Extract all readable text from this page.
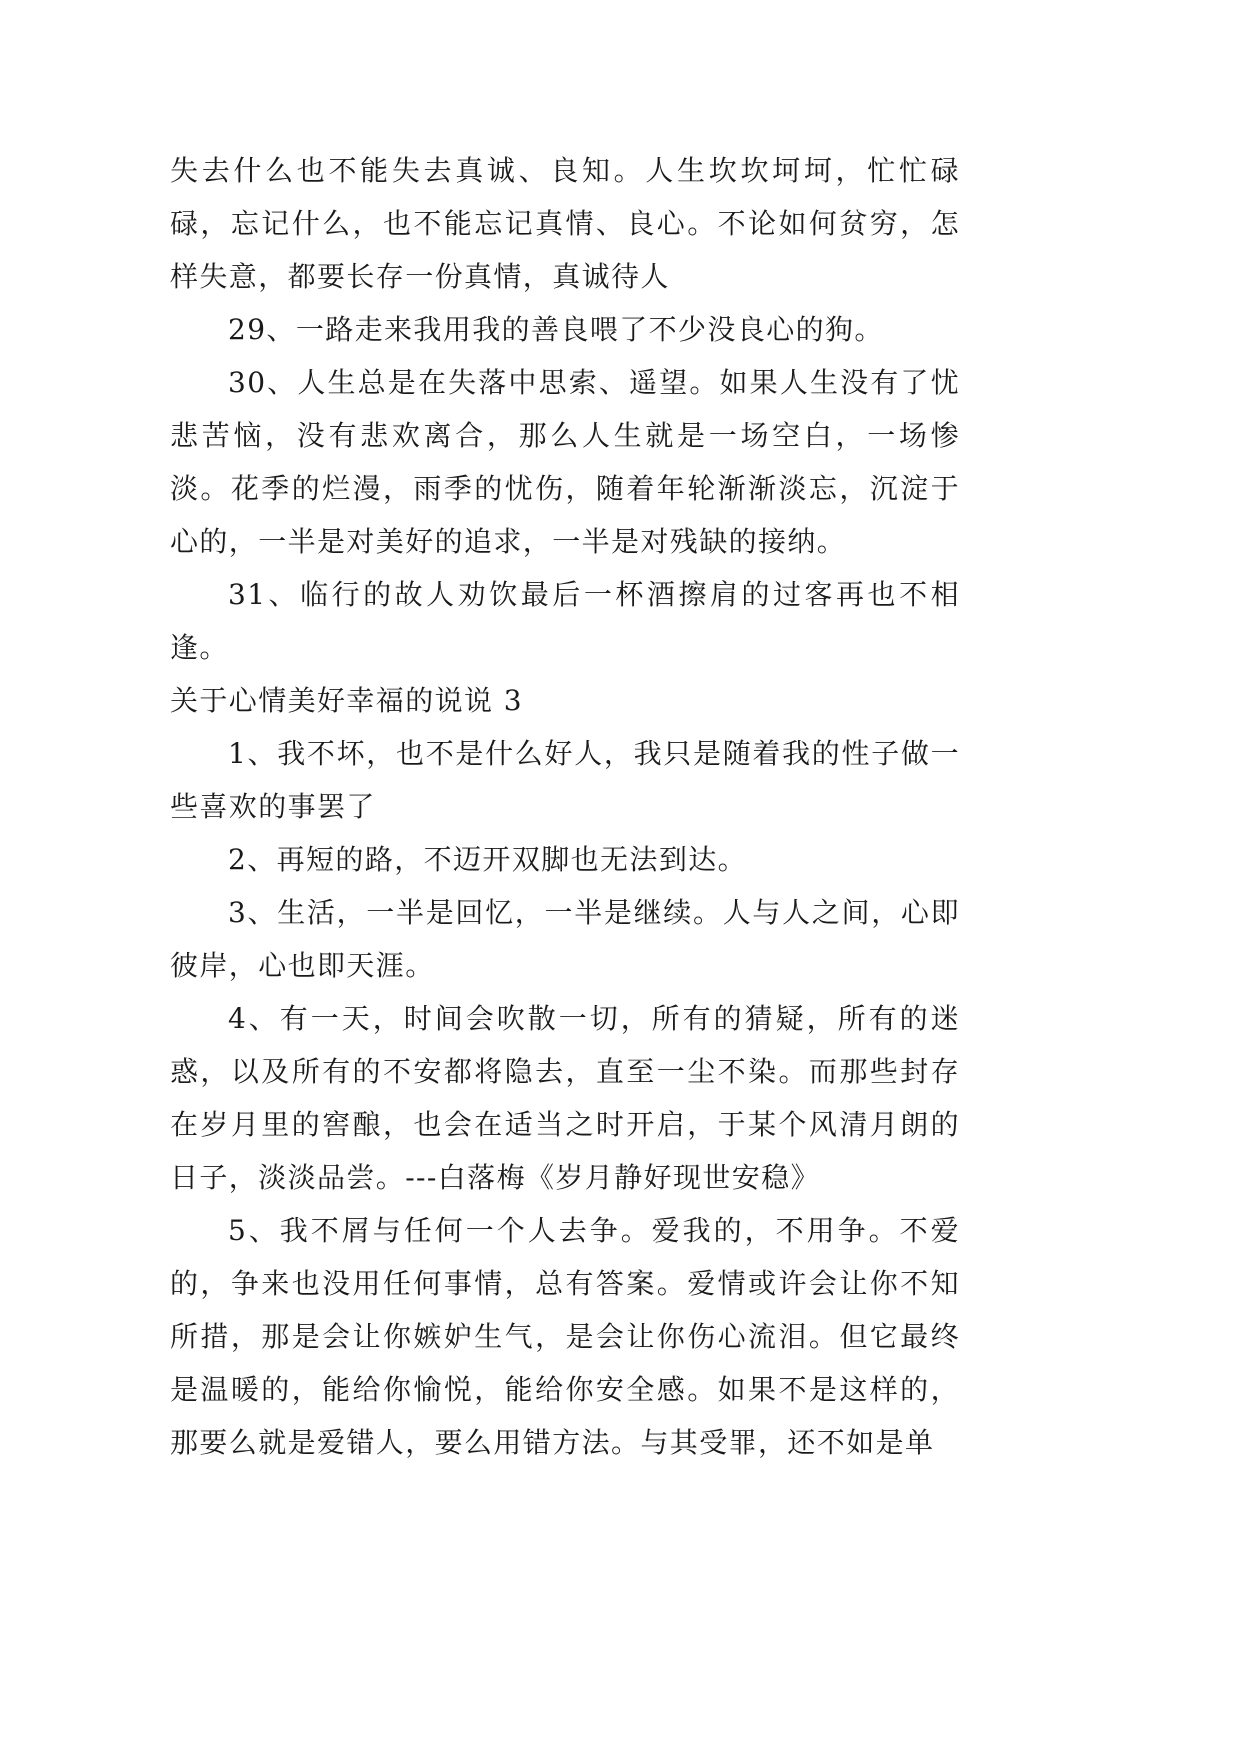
失去什么也不能失去真诚、良知。人生坎坎坷坷，忙忙碌碌，忘记什么，也不能忘记真情、良心。不论如何贫穷，怎样失意，都要长存一份真情，真诚待人

29、一路走来我用我的善良喂了不少没良心的狗。

30、人生总是在失落中思索、遥望。如果人生没有了忧悲苦恼，没有悲欢离合，那么人生就是一场空白，一场惨淡。花季的烂漫，雨季的忧伤，随着年轮渐渐淡忘，沉淀于心的，一半是对美好的追求，一半是对残缺的接纳。

31、临行的故人劝饮最后一杯酒擦肩的过客再也不相逢。

关于心情美好幸福的说说 3

1、我不坏，也不是什么好人，我只是随着我的性子做一些喜欢的事罢了

2、再短的路，不迈开双脚也无法到达。

3、生活，一半是回忆，一半是继续。人与人之间，心即彼岸，心也即天涯。

4、有一天，时间会吹散一切，所有的猜疑，所有的迷惑，以及所有的不安都将隐去，直至一尘不染。而那些封存在岁月里的窖酿，也会在适当之时开启，于某个风清月朗的日子，淡淡品尝。---白落梅《岁月静好现世安稳》

5、我不屑与任何一个人去争。爱我的，不用争。不爱的，争来也没用任何事情，总有答案。爱情或许会让你不知所措，那是会让你嫉妒生气，是会让你伤心流泪。但它最终是温暖的，能给你愉悦，能给你安全感。如果不是这样的，那要么就是爱错人，要么用错方法。与其受罪，还不如是单
